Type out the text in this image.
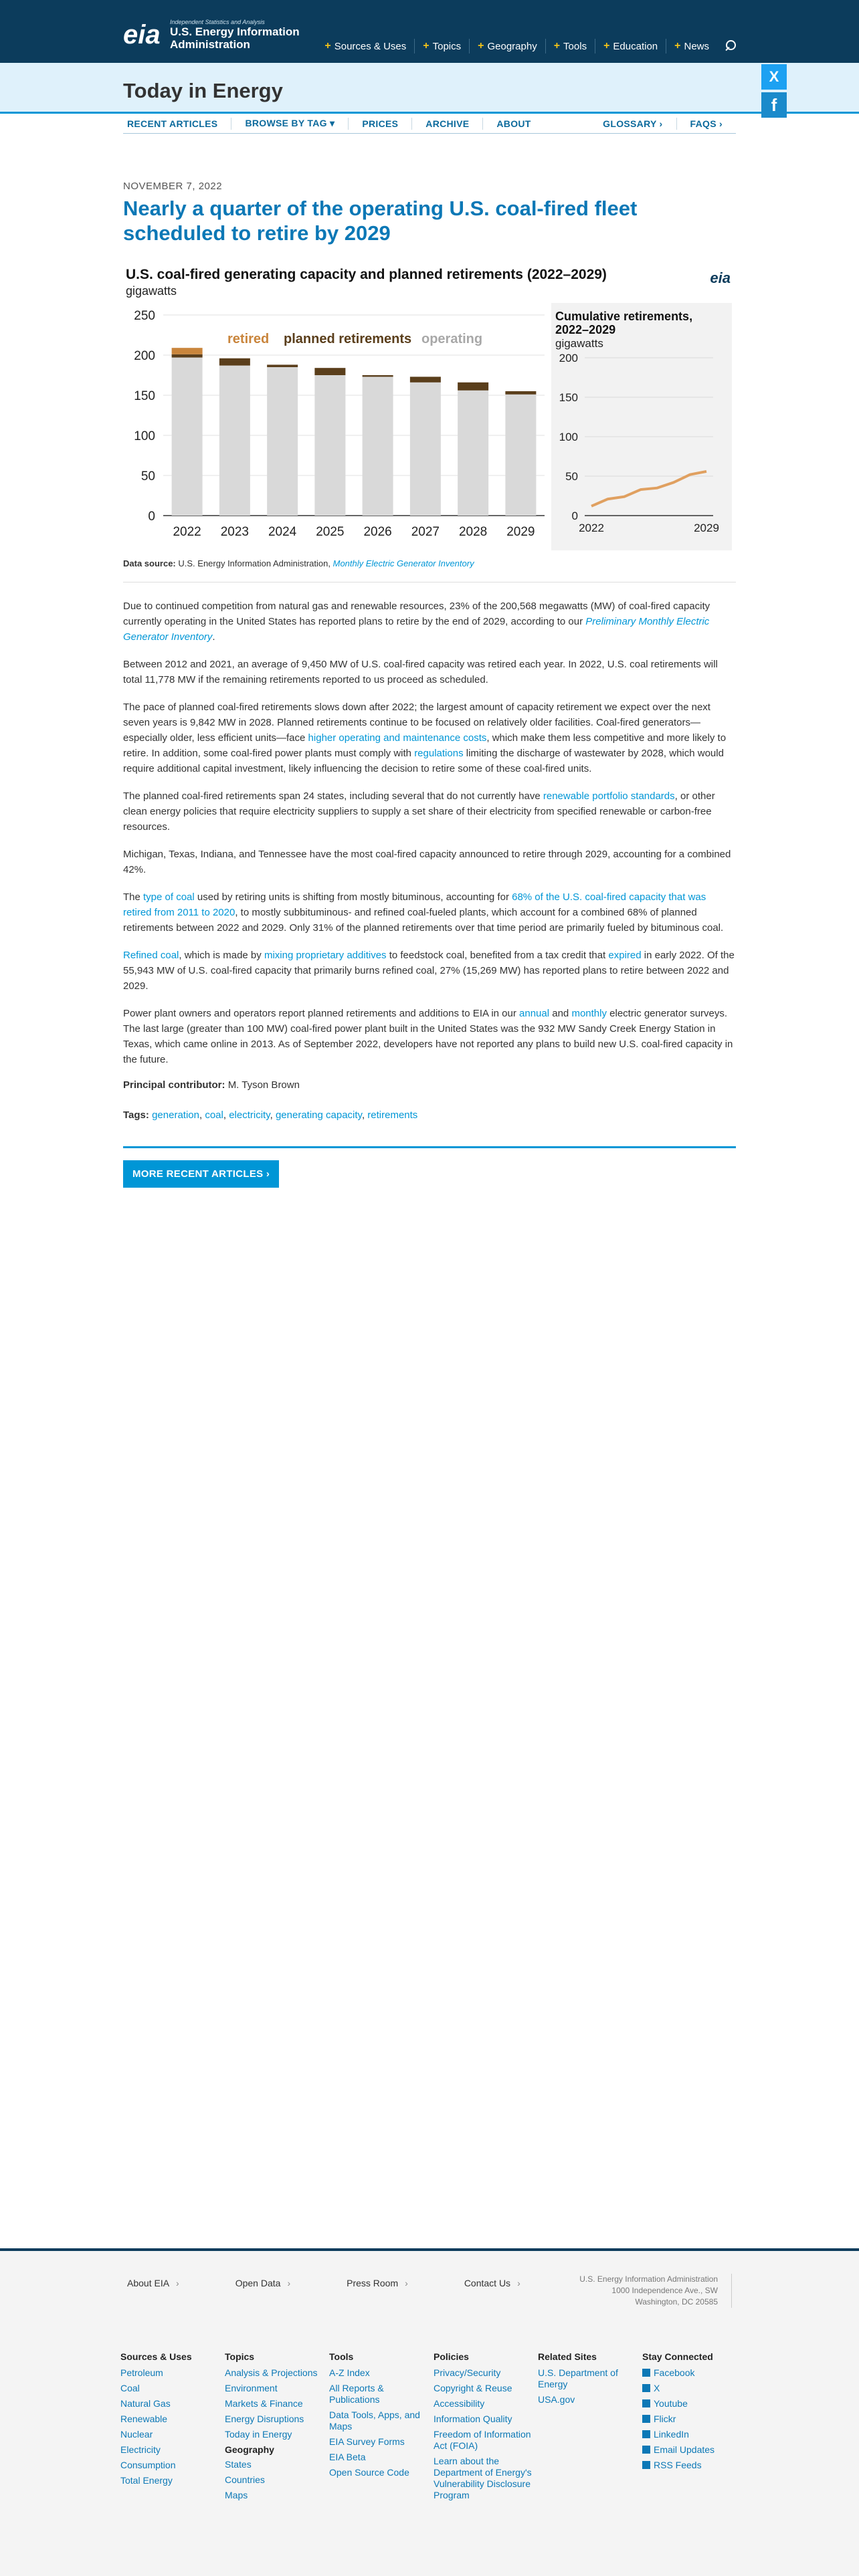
eia	Independent Statistics and Analysis
U.S. Energy Information
Administration	+ Sources & Uses + Topics + Geography + Tools + Education + News
Today in Energy
X
f
RECENT ARTICLES	BROWSE BY TAG ▾	PRICES	ARCHIVE	ABOUT	GLOSSARY ›	FAQS ›
NOVEMBER 7, 2022
Nearly a quarter of the operating U.S. coal-fired fleet scheduled to retire by 2029
U.S. coal-fired generating capacity and planned retirements (2022–2029)
gigawatts
eia
0
50
100
150
200
250
2022 2023 2024 2025 2026 2027 2028 2029
retired planned retirements operating
Cumulative retirements,
2022–2029
gigawatts
0
50
100
150
200
2022	2029
Data source: U.S. Energy Information Administration, Monthly Electric Generator Inventory

Due to continued competition from natural gas and renewable resources, 23% of the 200,568 megawatts (MW) of coal-fired capacity currently operating in the United States has reported plans to retire by the end of 2029, according to our Preliminary Monthly Electric Generator Inventory.

Between 2012 and 2021, an average of 9,450 MW of U.S. coal-fired capacity was retired each year. In 2022, U.S. coal retirements will total 11,778 MW if the remaining retirements reported to us proceed as scheduled.

The pace of planned coal-fired retirements slows down after 2022; the largest amount of capacity retirement we expect over the next seven years is 9,842 MW in 2028. Planned retirements continue to be focused on relatively older facilities. Coal-fired generators—especially older, less efficient units—face higher operating and maintenance costs, which make them less competitive and more likely to retire. In addition, some coal-fired power plants must comply with regulations limiting the discharge of wastewater by 2028, which would require additional capital investment, likely influencing the decision to retire some of these coal-fired units.

The planned coal-fired retirements span 24 states, including several that do not currently have renewable portfolio standards, or other clean energy policies that require electricity suppliers to supply a set share of their electricity from specified renewable or carbon-free resources.

Michigan, Texas, Indiana, and Tennessee have the most coal-fired capacity announced to retire through 2029, accounting for a combined 42%.

The type of coal used by retiring units is shifting from mostly bituminous, accounting for 68% of the U.S. coal-fired capacity that was retired from 2011 to 2020, to mostly subbituminous- and refined coal-fueled plants, which account for a combined 68% of planned retirements between 2022 and 2029. Only 31% of the planned retirements over that time period are primarily fueled by bituminous coal.

Refined coal, which is made by mixing proprietary additives to feedstock coal, benefited from a tax credit that expired in early 2022. Of the 55,943 MW of U.S. coal-fired capacity that primarily burns refined coal, 27% (15,269 MW) has reported plans to retire between 2022 and 2029.

Power plant owners and operators report planned retirements and additions to EIA in our annual and monthly electric generator surveys. The last large (greater than 100 MW) coal-fired power plant built in the United States was the 932 MW Sandy Creek Energy Station in Texas, which came online in 2013. As of September 2022, developers have not reported any plans to build new U.S. coal-fired capacity in the future.

Principal contributor: M. Tyson Brown
Tags: generation, coal, electricity, generating capacity, retirements
MORE RECENT ARTICLES ›
About EIA ›	Open Data ›	Press Room ›	Contact Us ›	U.S. Energy Information Administration
1000 Independence Ave., SW
Washington, DC 20585
Sources & Uses
Petroleum
Coal
Natural Gas
Renewable
Nuclear
Electricity
Consumption
Total Energy
Topics
Analysis & Projections
Environment
Markets & Finance
Energy Disruptions
Today in Energy
Geography
States
Countries
Maps
Tools
A-Z Index
All Reports & Publications
Data Tools, Apps, and Maps
EIA Survey Forms
EIA Beta
Open Source Code
Policies
Privacy/Security
Copyright & Reuse
Accessibility
Information Quality
Freedom of Information Act (FOIA)
Learn about the Department of Energy's Vulnerability Disclosure Program
Related Sites
U.S. Department of Energy
USA.gov
Stay Connected
Facebook
X
Youtube
Flickr
LinkedIn
Email Updates
RSS Feeds
